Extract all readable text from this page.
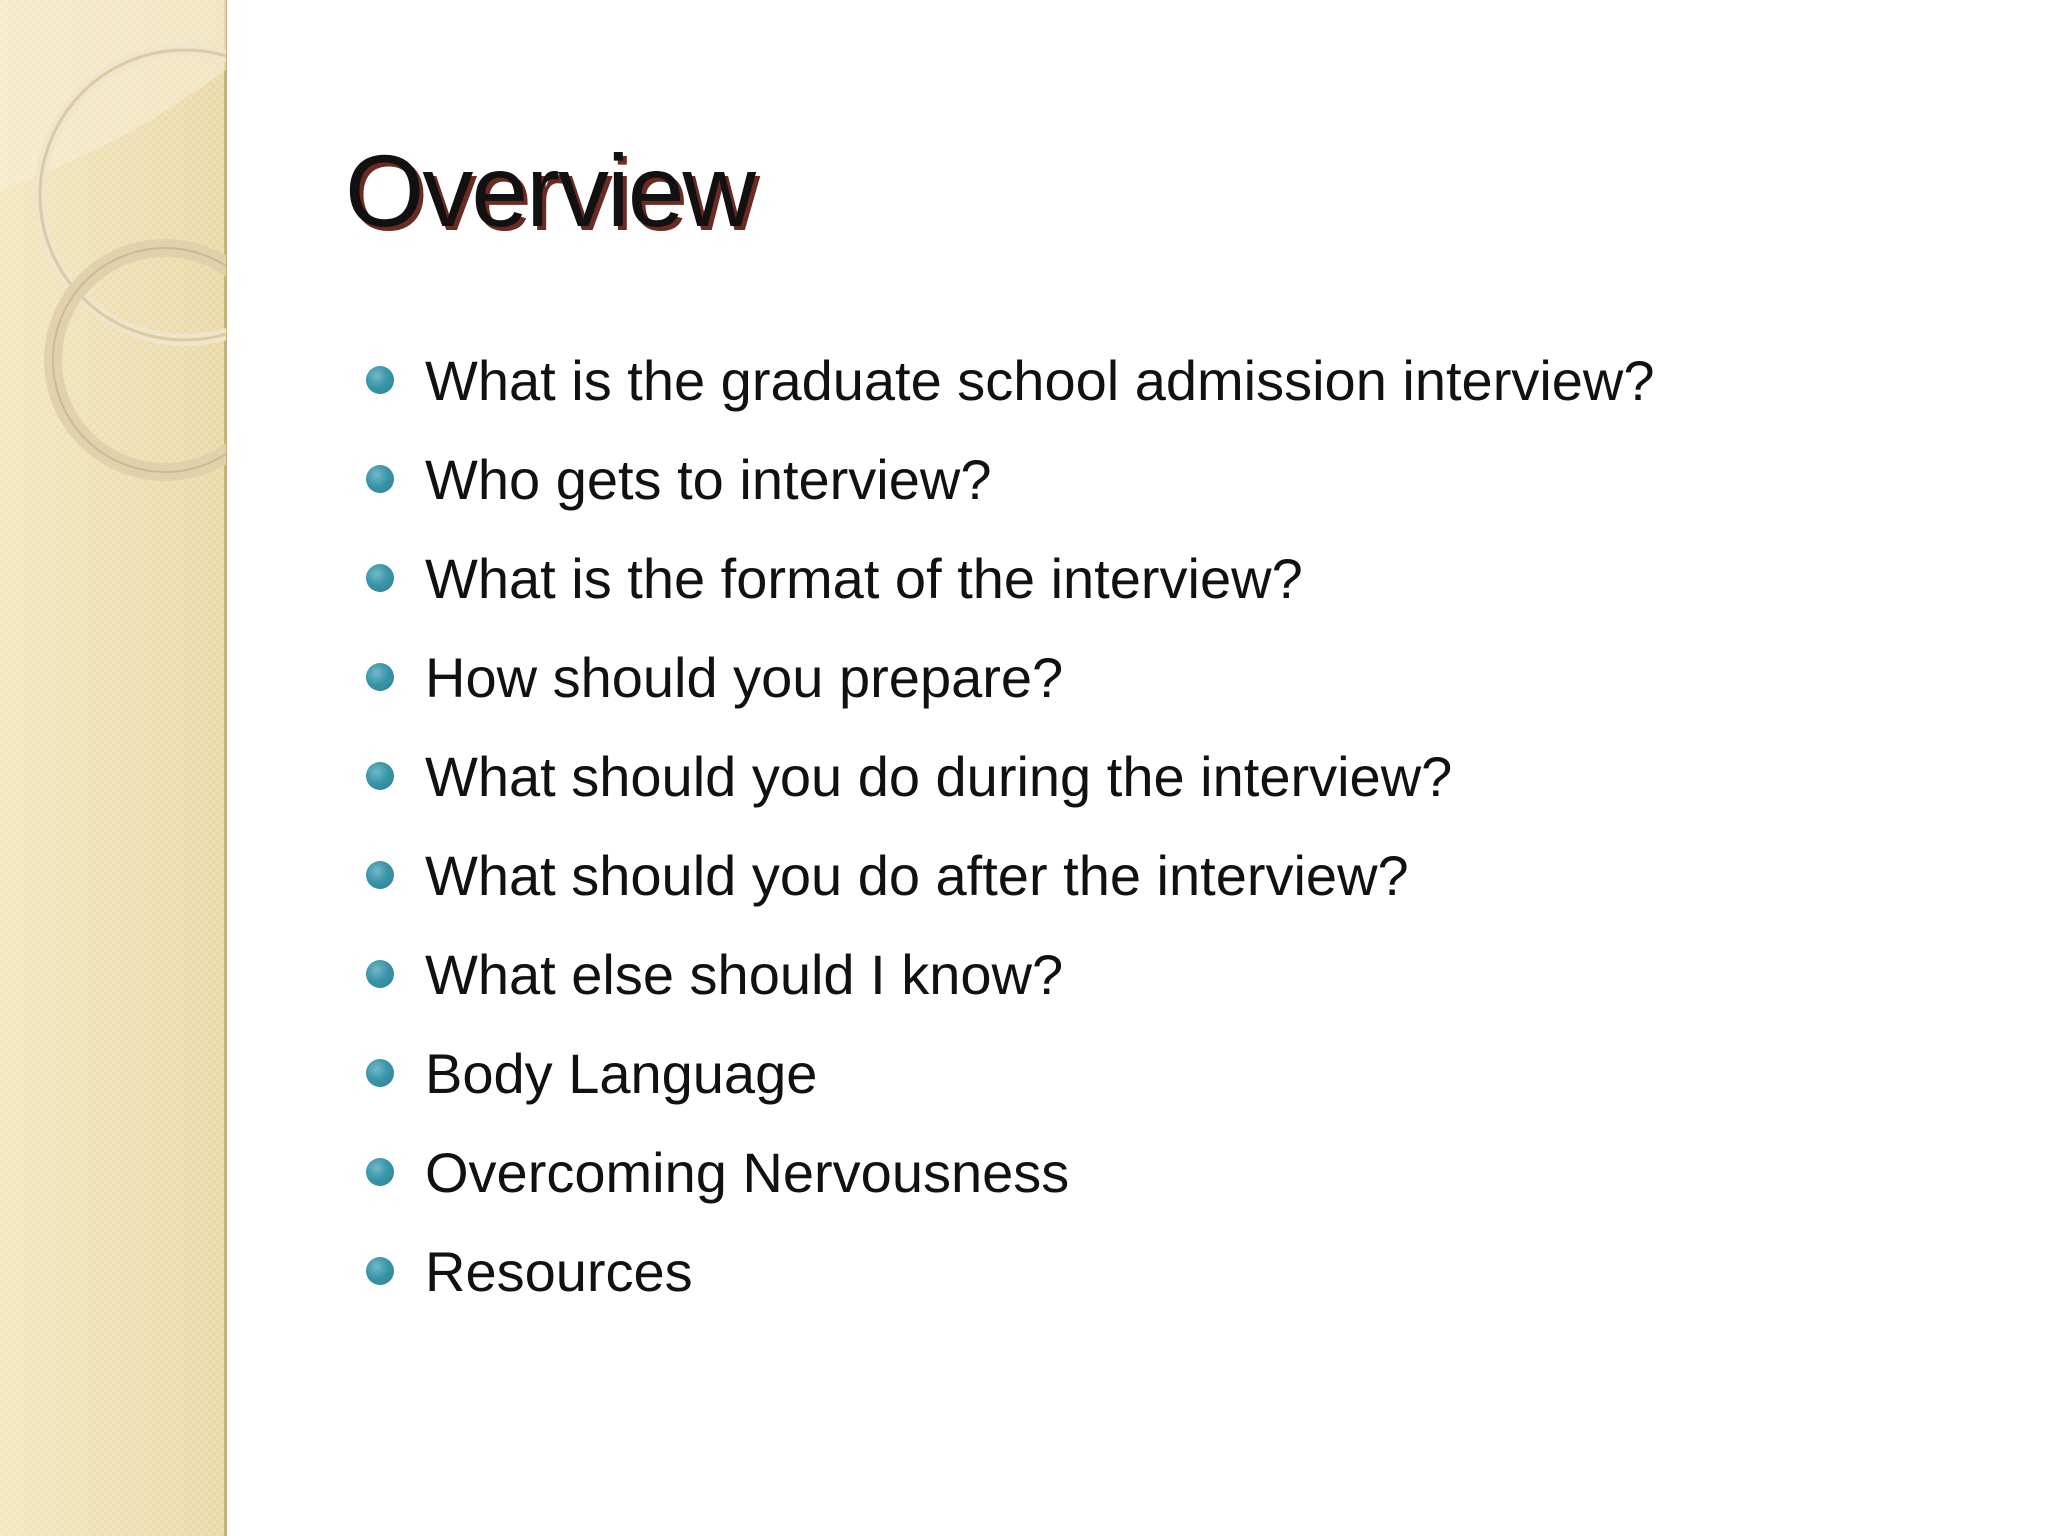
Overview
What is the graduate school admission interview?
Who gets to interview?
What is the format of the interview?
How should you prepare?
What should you do during the interview?
What should you do after the interview?
What else should I know?
Body Language
Overcoming Nervousness
Resources
